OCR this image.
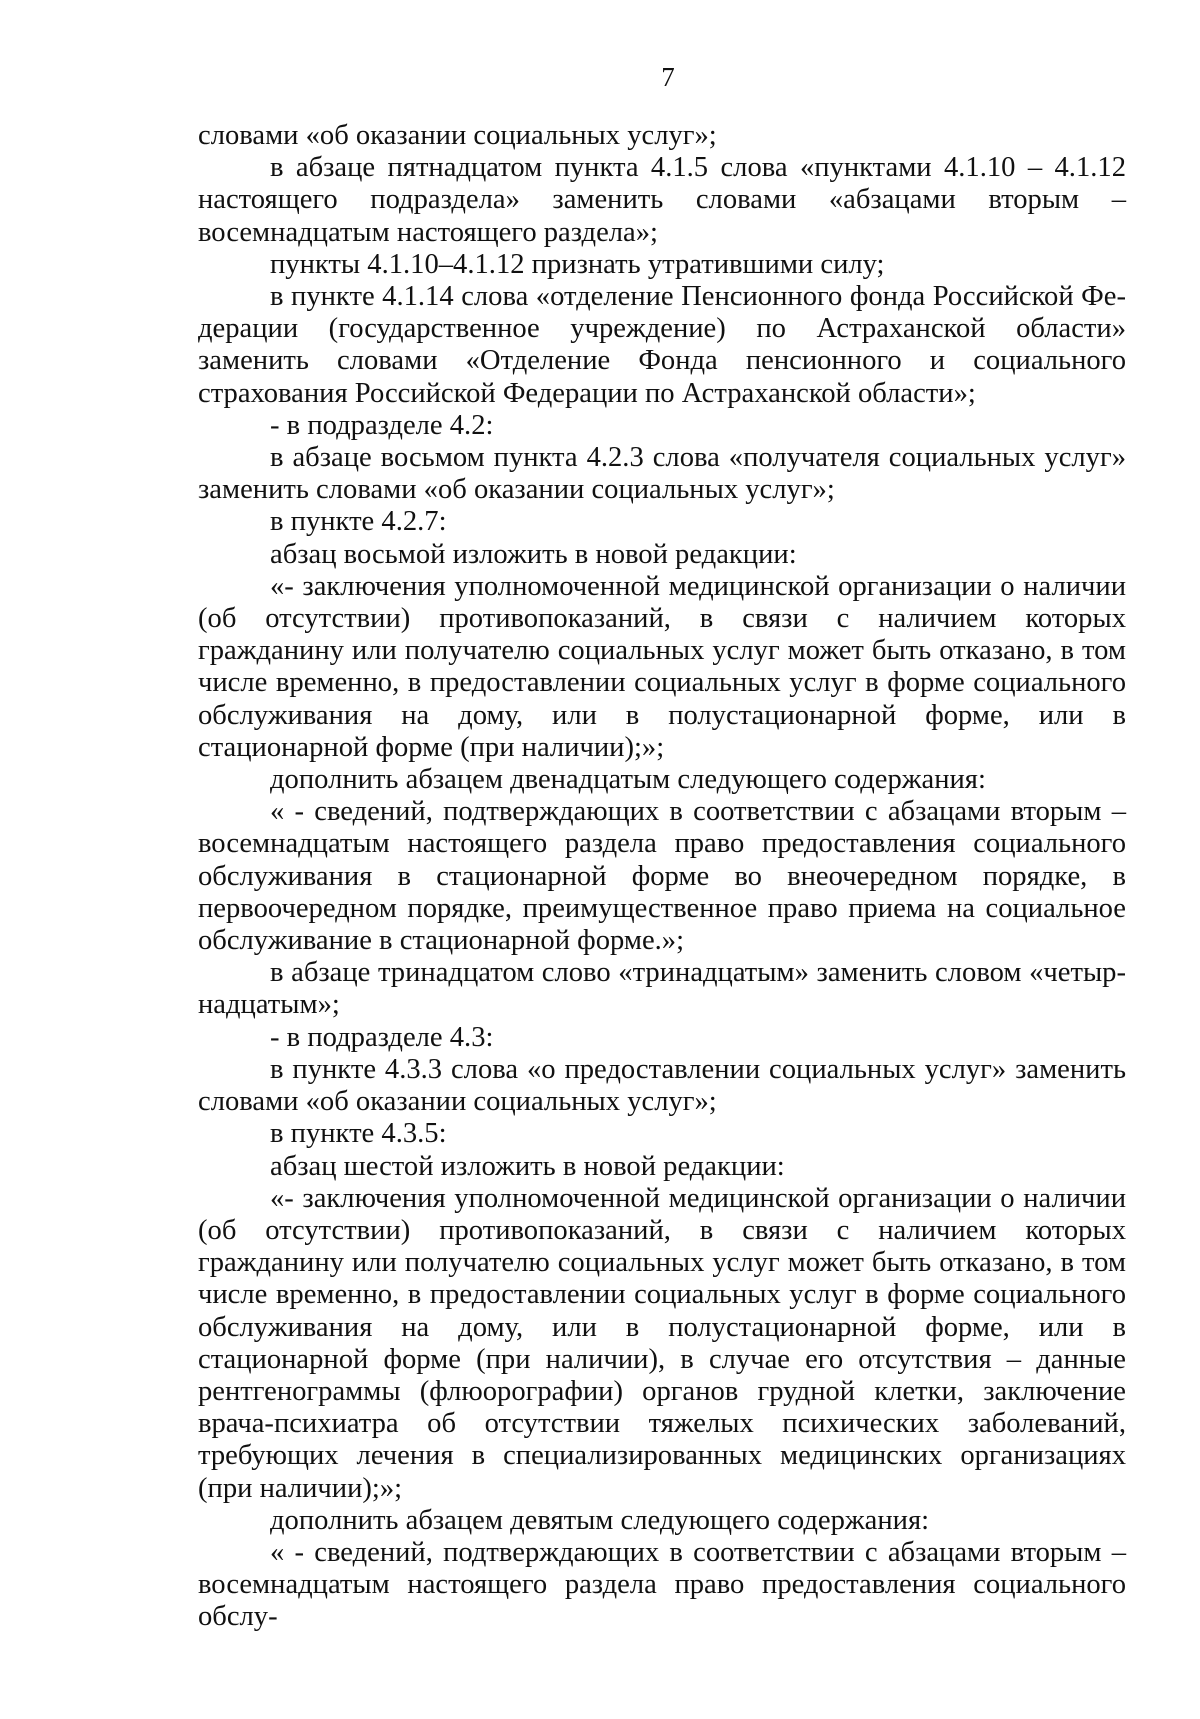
7

словами «об оказании социальных услуг»;

в абзаце пятнадцатом пункта 4.1.5 слова «пунктами 4.1.10 – 4.1.12 настоящего подраздела» заменить словами «абзацами вторым – восемнадцатым настоящего раздела»;

пункты 4.1.10–4.1.12 признать утратившими силу;

в пункте 4.1.14 слова «отделение Пенсионного фонда Российской Федерации (государственное учреждение) по Астраханской области» заменить словами «Отделение Фонда пенсионного и социального страхования Российской Федерации по Астраханской области»;

- в подразделе 4.2:

в абзаце восьмом пункта 4.2.3 слова «получателя социальных услуг» заменить словами «об оказании социальных услуг»;

в пункте 4.2.7:

абзац восьмой изложить в новой редакции:

«- заключения уполномоченной медицинской организации о наличии (об отсутствии) противопоказаний, в связи с наличием которых гражданину или получателю социальных услуг может быть отказано, в том числе временно, в предоставлении социальных услуг в форме социального обслуживания на дому, или в полустационарной форме, или в стационарной форме (при наличии);»;

дополнить абзацем двенадцатым следующего содержания:

« - сведений, подтверждающих в соответствии с абзацами вторым – восемнадцатым настоящего раздела право предоставления социального обслуживания в стационарной форме во внеочередном порядке, в первоочередном порядке, преимущественное право приема на социальное обслуживание в стационарной форме.»;

в абзаце тринадцатом слово «тринадцатым» заменить словом «четырнадцатым»;

- в подразделе 4.3:

в пункте 4.3.3 слова «о предоставлении социальных услуг» заменить словами «об оказании социальных услуг»;

в пункте 4.3.5:

абзац шестой изложить в новой редакции:

«- заключения уполномоченной медицинской организации о наличии (об отсутствии) противопоказаний, в связи с наличием которых гражданину или получателю социальных услуг может быть отказано, в том числе временно, в предоставлении социальных услуг в форме социального обслуживания на дому, или в полустационарной форме, или в стационарной форме (при наличии), в случае его отсутствия – данные рентгенограммы (флюорографии) органов грудной клетки, заключение врача-психиатра об отсутствии тяжелых психических заболеваний, требующих лечения в специализированных медицинских организациях (при наличии);»;

дополнить абзацем девятым следующего содержания:

« - сведений, подтверждающих в соответствии с абзацами вторым – восемнадцатым настоящего раздела право предоставления социального обслу-
